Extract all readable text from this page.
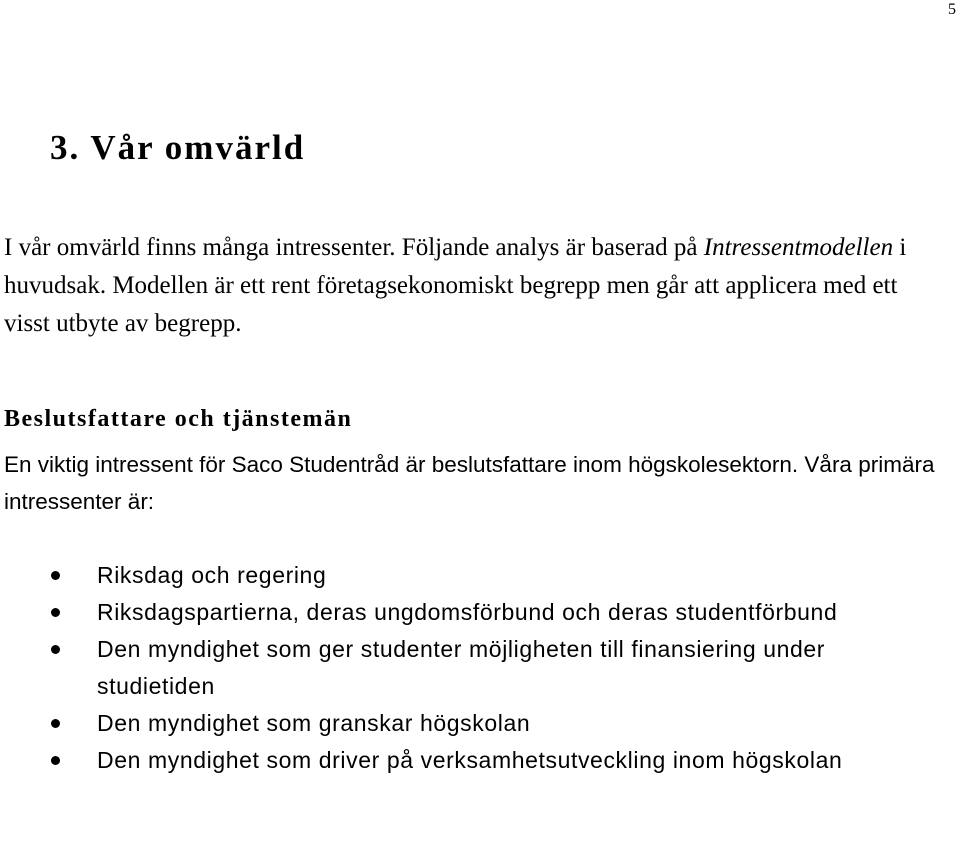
5
3. Vår omvärld

I vår omvärld finns många intressenter. Följande analys är baserad på Intressentmodellen i huvudsak. Modellen är ett rent företagsekonomiskt begrepp men går att applicera med ett visst utbyte av begrepp.

Beslutsfattare och tjänstemän

En viktig intressent för Saco Studentråd är beslutsfattare inom högskolesektorn. Våra primära intressenter är:

Riksdag och regering
Riksdagspartierna, deras ungdomsförbund och deras studentförbund
Den myndighet som ger studenter möjligheten till finansiering under studietiden
Den myndighet som granskar högskolan
Den myndighet som driver på verksamhetsutveckling inom högskolan
